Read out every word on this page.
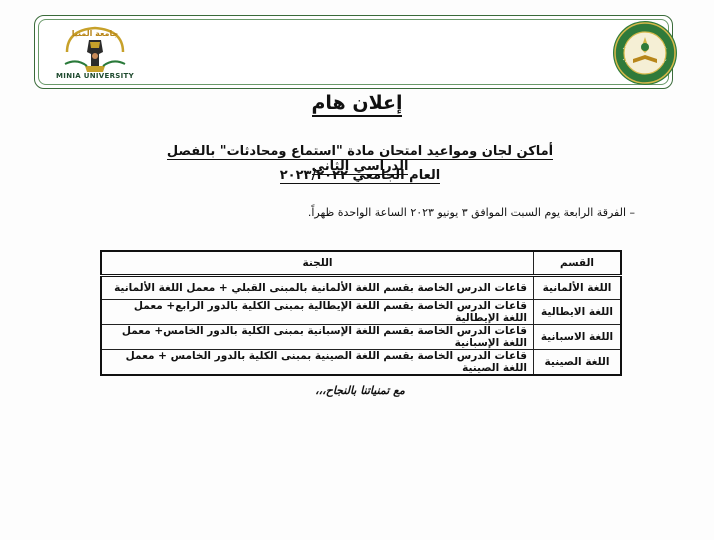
جامعة المنيا
MINIA UNIVERSITY
إعلان هام
أماكن لجان ومواعيد امتحان مادة "استماع ومحادثات" بالفصل الدراسي الثاني
العام الجامعي ٢٠٢٣/٢٠٢٢
– الفرقة الرابعة يوم السبت الموافق ٣ يونيو ٢٠٢٣ الساعة الواحدة ظهراً.
القسم	اللجنة
اللغة الألمانية	قاعات الدرس الخاصة بقسم اللغة الألمانية بالمبنى القبلي + معمل اللغة الألمانية
اللغة الايطالية	قاعات الدرس الخاصة بقسم اللغة الإيطالية بمبنى الكلية بالدور الرابع+ معمل اللغة الإيطالية
اللغة الاسبانية	قاعات الدرس الخاصة بقسم اللغة الإسبانية بمبنى الكلية بالدور الخامس+ معمل اللغة الإسبانية
اللغة الصينية	قاعات الدرس الخاصة بقسم اللغة الصينية بمبنى الكلية بالدور الخامس + معمل اللغة الصينية
مع تمنياتنا بالنجاح،،،
